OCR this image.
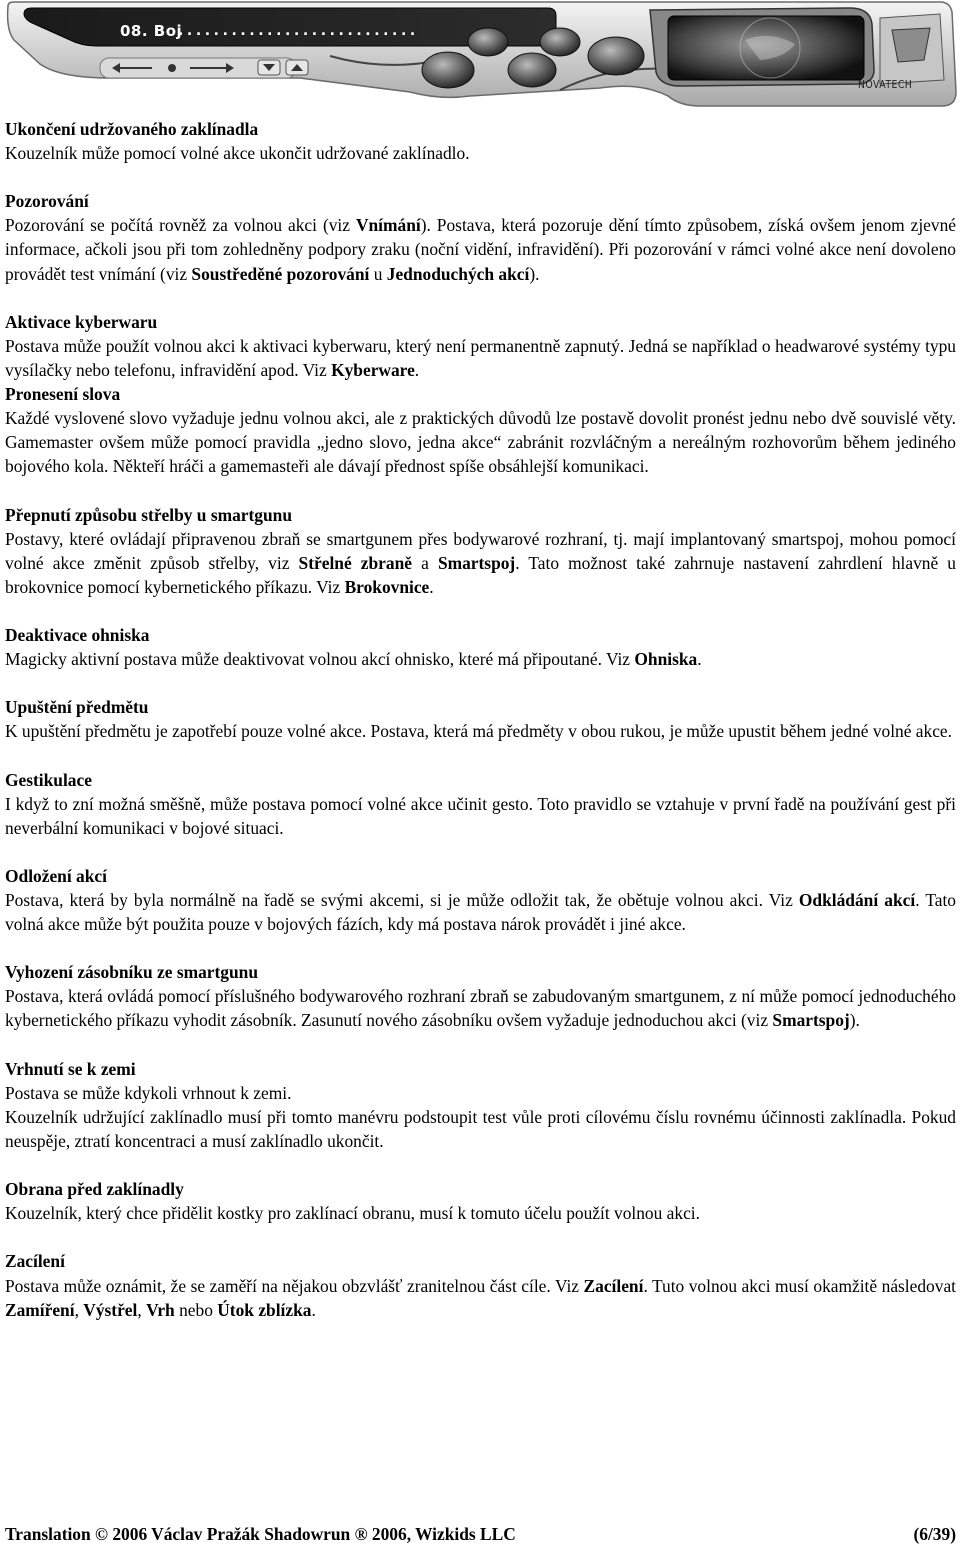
08. Boj
...........................
NOVATECH
Ukončení udržovaného zaklínadla

Kouzelník může pomocí volné akce ukončit udržované zaklínadlo.

Pozorování

Pozorování se počítá rovněž za volnou akci (viz Vnímání). Postava, která pozoruje dění tímto způsobem, získá ovšem jenom zjevné informace, ačkoli jsou při tom zohledněny podpory zraku (noční vidění, infravidění). Při pozorování v rámci volné akce není dovoleno provádět test vnímání (viz Soustředěné pozorování u Jednoduchých akcí).

Aktivace kyberwaru

Postava může použít volnou akci k aktivaci kyberwaru, který není permanentně zapnutý. Jedná se například o headwarové systémy typu vysílačky nebo telefonu, infravidění apod. Viz Kyberware.

Pronesení slova

Každé vyslovené slovo vyžaduje jednu volnou akci, ale z praktických důvodů lze postavě dovolit pronést jednu nebo dvě souvislé věty. Gamemaster ovšem může pomocí pravidla „jedno slovo, jedna akce“ zabránit rozvláčným a nereálným rozhovorům během jediného bojového kola. Někteří hráči a gamemasteři ale dávají přednost spíše obsáhlejší komunikaci.

Přepnutí způsobu střelby u smartgunu

Postavy, které ovládají připravenou zbraň se smartgunem přes bodywarové rozhraní, tj. mají implantovaný smartspoj, mohou pomocí volné akce změnit způsob střelby, viz Střelné zbraně a Smartspoj. Tato možnost také zahrnuje nastavení zahrdlení hlavně u brokovnice pomocí kybernetického příkazu. Viz Brokovnice.

Deaktivace ohniska

Magicky aktivní postava může deaktivovat volnou akcí ohnisko, které má připoutané. Viz Ohniska.

Upuštění předmětu

K upuštění předmětu je zapotřebí pouze volné akce. Postava, která má předměty v obou rukou, je může upustit během jedné volné akce.

Gestikulace

I když to zní možná směšně, může postava pomocí volné akce učinit gesto. Toto pravidlo se vztahuje v první řadě na používání gest při neverbální komunikaci v bojové situaci.

Odložení akcí

Postava, která by byla normálně na řadě se svými akcemi, si je může odložit tak, že obětuje volnou akci. Viz Odkládání akcí. Tato volná akce může být použita pouze v bojových fázích, kdy má postava nárok provádět i jiné akce.

Vyhození zásobníku ze smartgunu

Postava, která ovládá pomocí příslušného bodywarového rozhraní zbraň se zabudovaným smartgunem, z ní může pomocí jednoduchého kybernetického příkazu vyhodit zásobník. Zasunutí nového zásobníku ovšem vyžaduje jednoduchou akci (viz Smartspoj).

Vrhnutí se k zemi

Postava se může kdykoli vrhnout k zemi.

Kouzelník udržující zaklínadlo musí při tomto manévru podstoupit test vůle proti cílovému číslu rovnému účinnosti zaklínadla. Pokud neuspěje, ztratí koncentraci a musí zaklínadlo ukončit.

Obrana před zaklínadly

Kouzelník, který chce přidělit kostky pro zaklínací obranu, musí k tomuto účelu použít volnou akci.

Zacílení

Postava může oznámit, že se zaměří na nějakou obzvlášť zranitelnou část cíle. Viz Zacílení. Tuto volnou akci musí okamžitě následovat Zamíření, Výstřel, Vrh nebo Útok zblízka.

Translation © 2006 Václav Pražák Shadowrun ® 2006, Wizkids LLC	(6/39)
